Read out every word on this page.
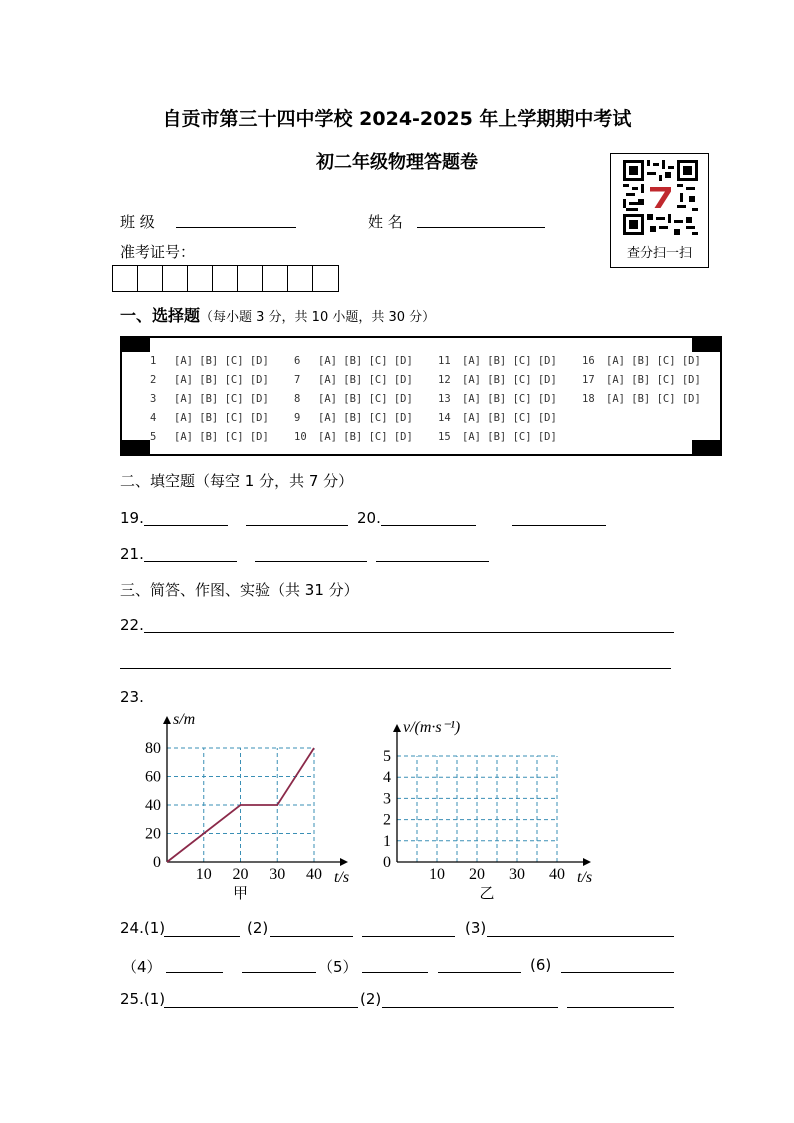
自贡市第三十四中学校 2024-2025 年上学期期中考试
初二年级物理答题卷
查分扫一扫
班 级	姓 名
准考证号：
一、选择题（每小题 3 分，共 10 小题，共 30 分）
1 [A] [B] [C] [D]
2 [A] [B] [C] [D]
3 [A] [B] [C] [D]
4 [A] [B] [C] [D]
5 [A] [B] [C] [D]
6 [A] [B] [C] [D]
7 [A] [B] [C] [D]
8 [A] [B] [C] [D]
9 [A] [B] [C] [D]
10 [A] [B] [C] [D]
11 [A] [B] [C] [D]
12 [A] [B] [C] [D]
13 [A] [B] [C] [D]
14 [A] [B] [C] [D]
15 [A] [B] [C] [D]
16 [A] [B] [C] [D]
17 [A] [B] [C] [D]
18 [A] [B] [C] [D]
二、填空题（每空 1 分，共 7 分）
19.	20.
21.
三、简答、作图、实验（共 31 分）
22.
23.
10 20 30 40
0
20
40
60
80
t/s
s/m
甲
10 20 30 40
0
1
2
3
4
5
t/s
v/(m·s⁻¹)
乙
24.(1)	(2)	(3)
（4）	（5）	(6)
25.(1)	(2)
